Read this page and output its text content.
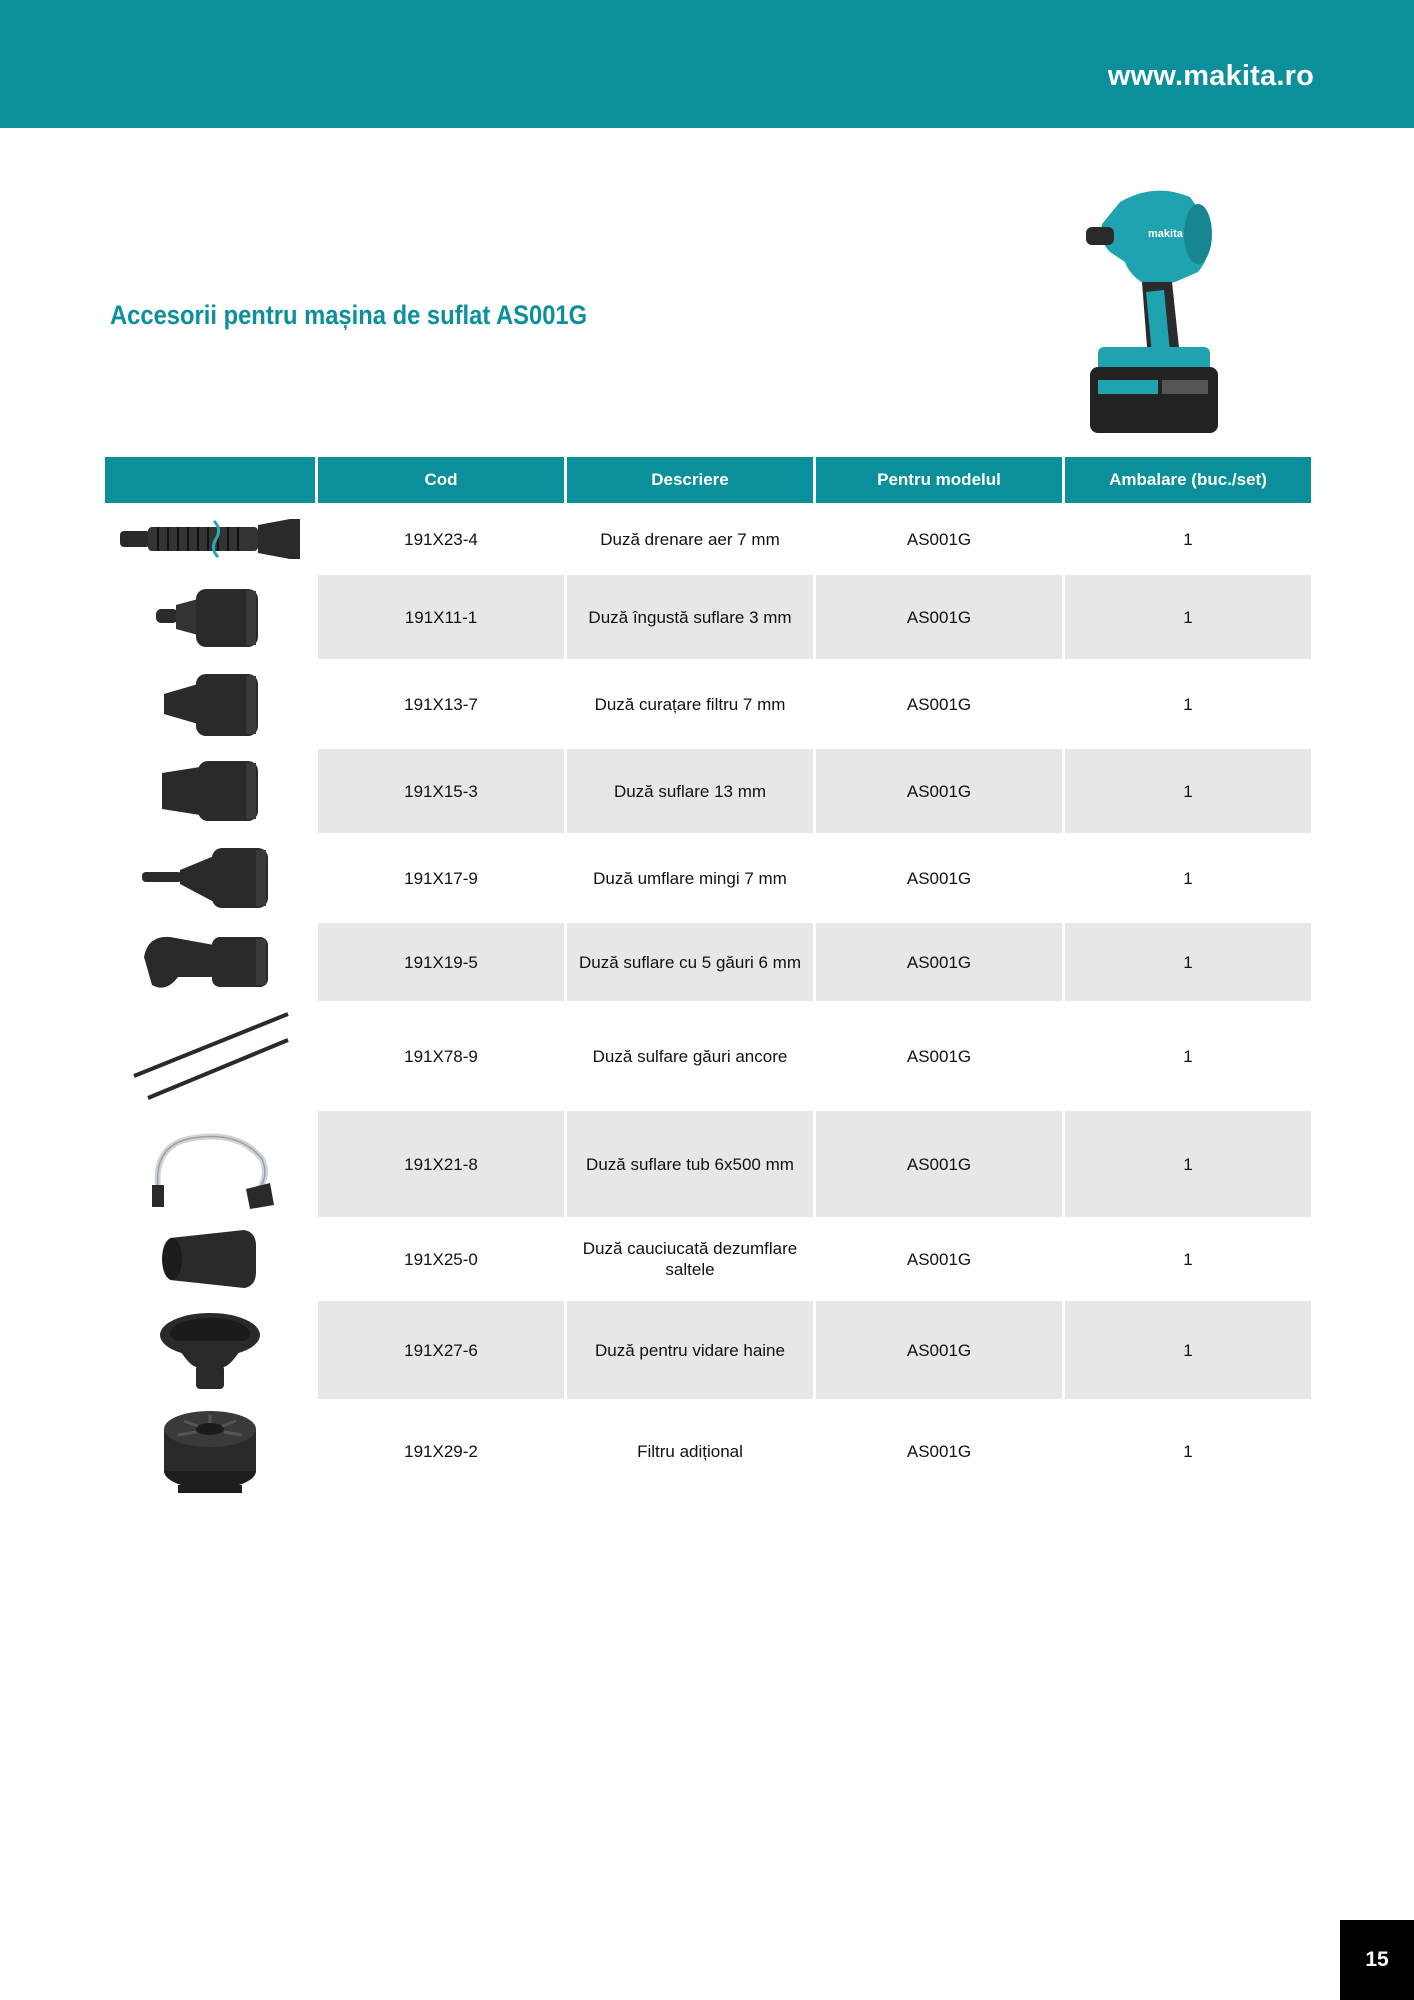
www.makita.ro
Accesorii pentru mașina de suflat AS001G
makita
	Cod	Descriere	Pentru modelul	Ambalare (buc./set)

	191X23-4	Duză drenare aer 7 mm	AS001G	1

	191X11-1	Duză îngustă suflare 3 mm	AS001G	1

	191X13-7	Duză curațare filtru 7 mm	AS001G	1

	191X15-3	Duză suflare 13 mm	AS001G	1

	191X17-9	Duză umflare mingi 7 mm	AS001G	1

	191X19-5	Duză suflare cu 5 găuri 6 mm	AS001G	1

	191X78-9	Duză sulfare găuri ancore	AS001G	1

	191X21-8	Duză suflare tub 6x500 mm	AS001G	1

	191X25-0	Duză cauciucată dezumflare saltele	AS001G	1

	191X27-6	Duză pentru vidare haine	AS001G	1

	191X29-2	Filtru adițional	AS001G	1
15
